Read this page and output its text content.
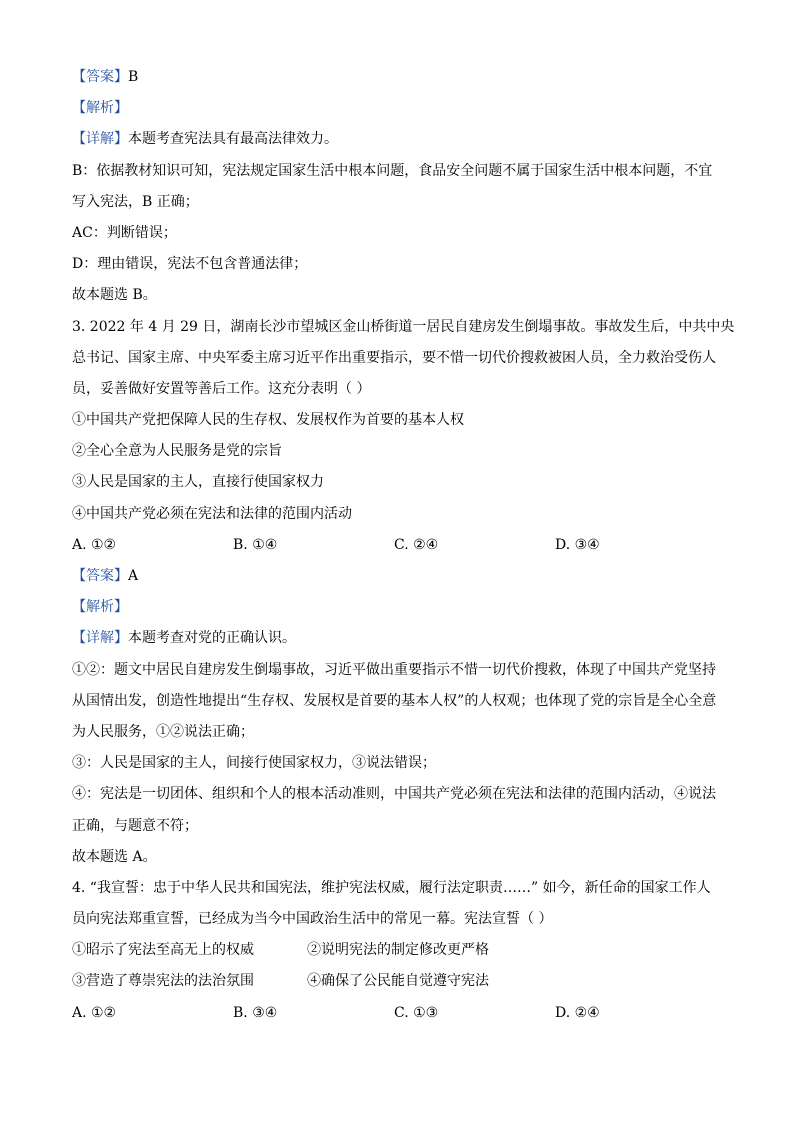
【答案】B
【解析】
【详解】本题考查宪法具有最高法律效力。
B：依据教材知识可知，宪法规定国家生活中根本问题，食品安全问题不属于国家生活中根本问题，不宜
写入宪法，B 正确；
AC：判断错误；
D：理由错误，宪法不包含普通法律；
故本题选 B。
3. 2022 年 4 月 29 日，湖南长沙市望城区金山桥街道一居民自建房发生倒塌事故。事故发生后，中共中央
总书记、国家主席、中央军委主席习近平作出重要指示，要不惜一切代价搜救被困人员，全力救治受伤人
员，妥善做好安置等善后工作。这充分表明（ ）
①中国共产党把保障人民的生存权、发展权作为首要的基本人权
②全心全意为人民服务是党的宗旨
③人民是国家的主人，直接行使国家权力
④中国共产党必须在宪法和法律的范围内活动
A. ①②	B. ①④	C. ②④	D. ③④
【答案】A
【解析】
【详解】本题考查对党的正确认识。
①②：题文中居民自建房发生倒塌事故，习近平做出重要指示不惜一切代价搜救，体现了中国共产党坚持
从国情出发，创造性地提出“生存权、发展权是首要的基本人权”的人权观；也体现了党的宗旨是全心全意
为人民服务，①②说法正确；
③：人民是国家的主人，间接行使国家权力，③说法错误；
④：宪法是一切团体、组织和个人的根本活动准则，中国共产党必须在宪法和法律的范围内活动，④说法
正确，与题意不符；
故本题选 A。
4. “我宣誓：忠于中华人民共和国宪法，维护宪法权威，履行法定职责……” 如今，新任命的国家工作人
员向宪法郑重宣誓，已经成为当今中国政治生活中的常见一幕。宪法宣誓（ ）
①昭示了宪法至高无上的权威	②说明宪法的制定修改更严格
③营造了尊崇宪法的法治氛围	④确保了公民能自觉遵守宪法
A. ①②	B. ③④	C. ①③	D. ②④
